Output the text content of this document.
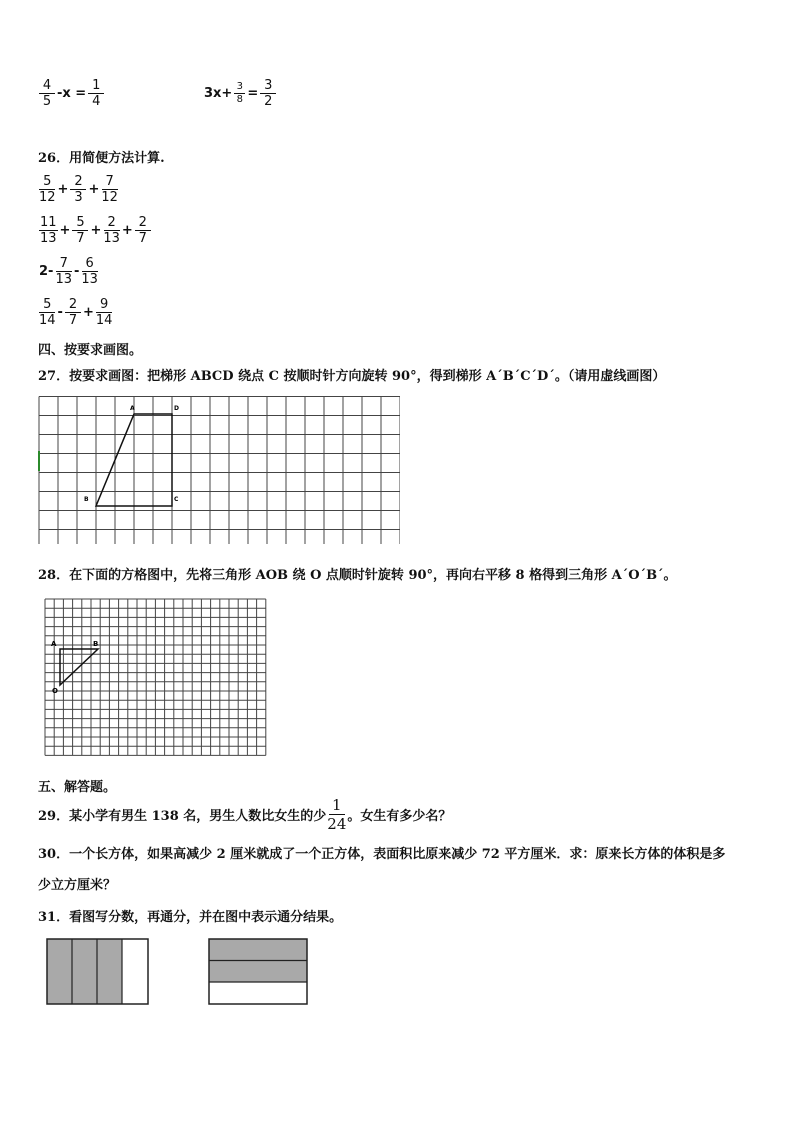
$\frac{4}{5} -x = \frac{1}{4}$	$3x+ \frac{3}{8} = \frac{3}{2}$
26．用简便方法计算.
$\frac{5}{12} + \frac{2}{3} + \frac{7}{12}$
$\frac{11}{13} + \frac{5}{7} + \frac{2}{13} + \frac{2}{7}$
$2- \frac{7}{13} - \frac{6}{13}$
$\frac{5}{14} - \frac{2}{7} + \frac{9}{14}$
四、按要求画图。
27．按要求画图：把梯形 ABCD 绕点 C 按顺时针方向旋转 90°，得到梯形 A´B´C´D´。（请用虚线画图）
A	D
B	C
28．在下面的方格图中，先将三角形 AOB 绕 O 点顺时针旋转 90°，再向右平移 8 格得到三角形 A´O´B´。
A	B
O
五、解答题。
29．某小学有男生 138 名，男生人数比女生的少 $\frac{1}{24}$ 。女生有多少名？
30．一个长方体，如果高减少 2 厘米就成了一个正方体，表面积比原来减少 72 平方厘米．求：原来长方体的体积是多
少立方厘米？
31．看图写分数，再通分，并在图中表示通分结果。
